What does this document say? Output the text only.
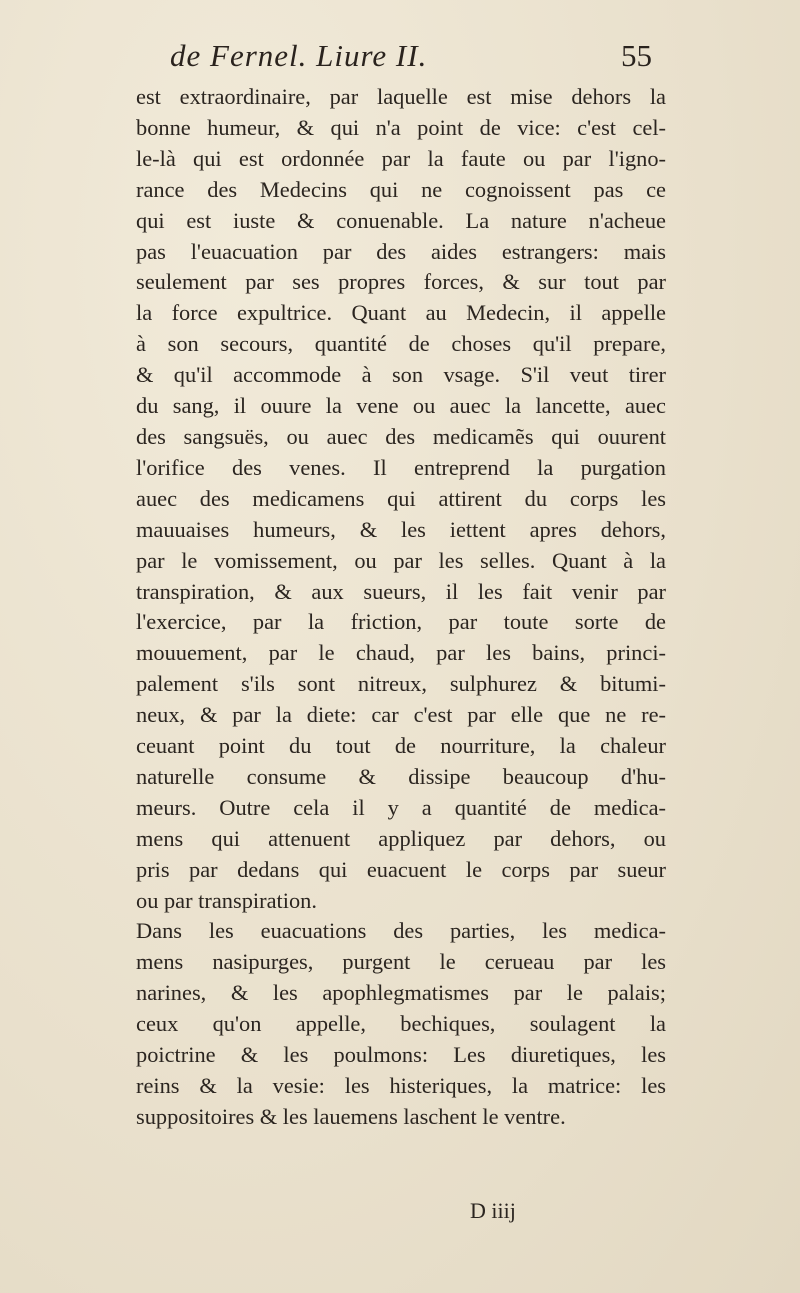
de Fernel. Liure II.	55
est extraordinaire, par laquelle est mise dehors la
bonne humeur, & qui n'a point de vice: c'est cel-
le-là qui est ordonnée par la faute ou par l'igno-
rance des Medecins qui ne cognoissent pas ce
qui est iuste & conuenable. La nature n'acheue
pas l'euacuation par des aides estrangers: mais
seulement par ses propres forces, & sur tout par
la force expultrice. Quant au Medecin, il appelle
à son secours, quantité de choses qu'il prepare,
& qu'il accommode à son vsage. S'il veut tirer
du sang, il ouure la vene ou auec la lancette, auec
des sangsuës, ou auec des medicamẽs qui ouurent
l'orifice des venes. Il entreprend la purgation
auec des medicamens qui attirent du corps les
mauuaises humeurs, & les iettent apres dehors,
par le vomissement, ou par les selles. Quant à la
transpiration, & aux sueurs, il les fait venir par
l'exercice, par la friction, par toute sorte de
mouuement, par le chaud, par les bains, princi-
palement s'ils sont nitreux, sulphurez & bitumi-
neux, & par la diete: car c'est par elle que ne re-
ceuant point du tout de nourriture, la chaleur
naturelle consume & dissipe beaucoup d'hu-
meurs. Outre cela il y a quantité de medica-
mens qui attenuent appliquez par dehors, ou
pris par dedans qui euacuent le corps par sueur
ou par transpiration.
Dans les euacuations des parties, les medica-
mens nasipurges, purgent le cerueau par les
narines, & les apophlegmatismes par le palais;
ceux qu'on appelle, bechiques, soulagent la
poictrine & les poulmons: Les diuretiques, les
reins & la vesie: les histeriques, la matrice: les
suppositoires & les lauemens laschent le ventre.
D iiij
